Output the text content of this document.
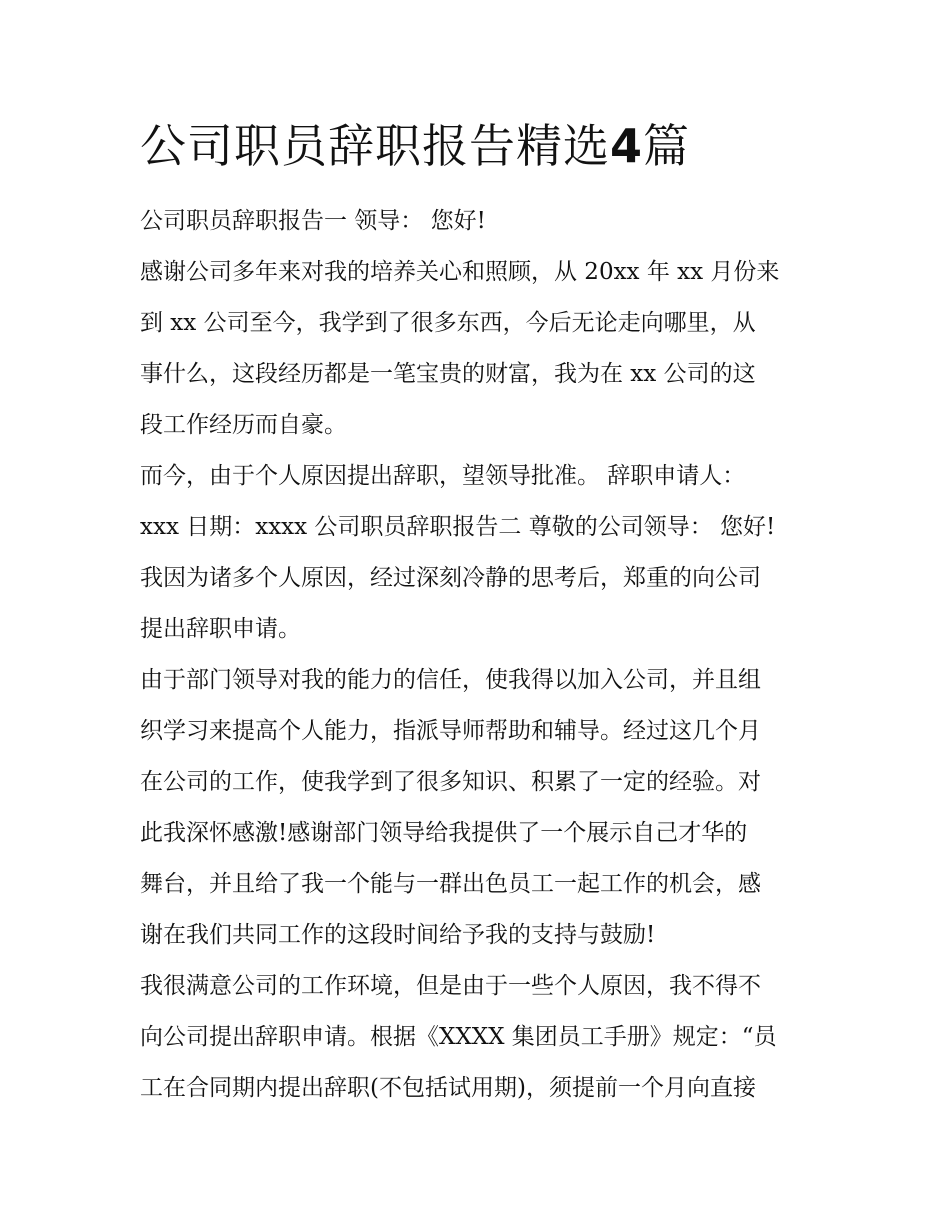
公司职员辞职报告精选4篇

公司职员辞职报告一 领导： 您好!

感谢公司多年来对我的培养关心和照顾，从 20xx 年 xx 月份来

到 xx 公司至今，我学到了很多东西，今后无论走向哪里，从

事什么，这段经历都是一笔宝贵的财富，我为在 xx 公司的这

段工作经历而自豪。

而今，由于个人原因提出辞职，望领导批准。 辞职申请人：

xxx 日期：xxxx 公司职员辞职报告二 尊敬的公司领导： 您好!

我因为诸多个人原因，经过深刻冷静的思考后，郑重的向公司

提出辞职申请。

由于部门领导对我的能力的信任，使我得以加入公司，并且组

织学习来提高个人能力，指派导师帮助和辅导。经过这几个月

在公司的工作，使我学到了很多知识、积累了一定的经验。对

此我深怀感激!感谢部门领导给我提供了一个展示自己才华的

舞台，并且给了我一个能与一群出色员工一起工作的机会，感

谢在我们共同工作的这段时间给予我的支持与鼓励!

我很满意公司的工作环境，但是由于一些个人原因，我不得不

向公司提出辞职申请。根据《XXXX 集团员工手册》规定：“员

工在合同期内提出辞职(不包括试用期)，须提前一个月向直接
